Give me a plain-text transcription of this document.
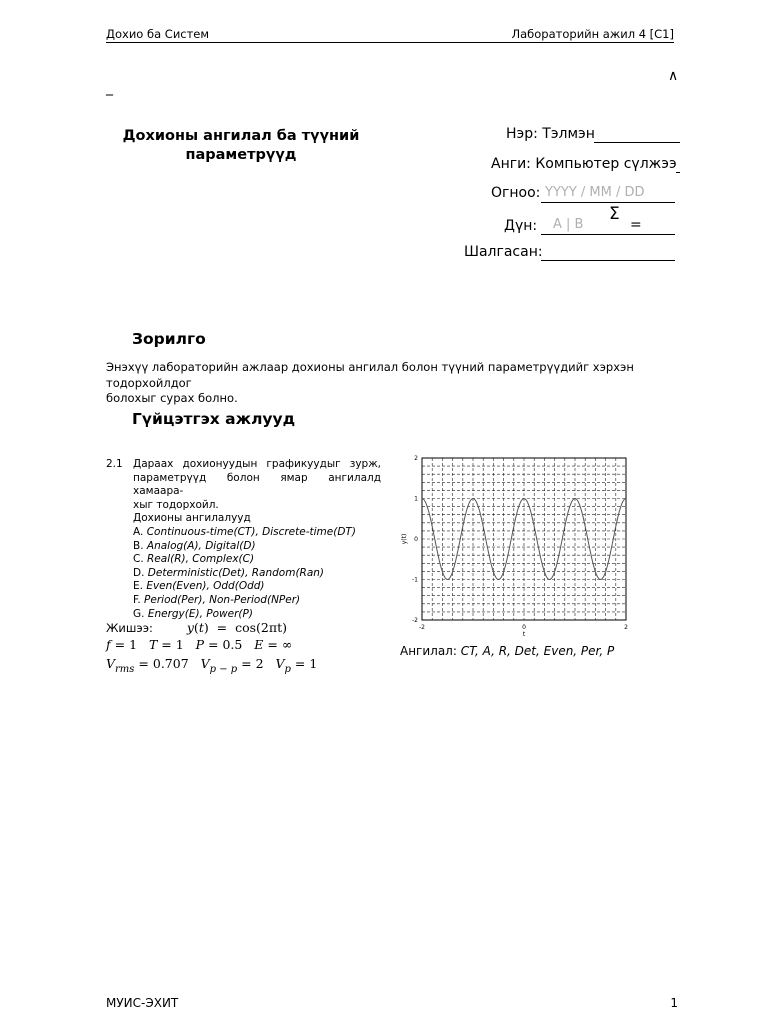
Дохио ба Систем	Лабораторийн ажил 4 [C1]
∧
_
Дохионы ангилал ба түүний
параметрүүд
Нэр: Тэлмэн
Анги: Компьютер сүлжээ
Огноо: YYYY / MM / DD
Дүн: A | B
Σ
=
Шалгасан:
Зорилго
Энэхүү лабораторийн ажлаар дохионы ангилал болон түүний параметрүүдийг хэрхэн тодорхойлдог
болохыг сурах болно.
Гүйцэтгэх ажлууд
2.1 Дараах дохионуудын графикуудыг зурж,
параметрүүд болон ямар ангилалд хамаара-
хыг тодорхойл.
Дохионы ангилалууд
A. Continuous-time(CT), Discrete-time(DT)
B. Analog(A), Digital(D)
C. Real(R), Complex(C)
D. Deterministic(Det), Random(Ran)
E. Even(Even), Odd(Odd)
F. Period(Per), Non-Period(NPer)
G. Energy(E), Power(P)
Жишээ:	y(t)  =  cos(2πt)
f = 1 T = 1 P = 0.5 E = ∞
$V_{rms} = 0.707$ $V_{p - p} = 2$ $V_p = 1$
2
1
0
-1
-2
-2	0	2
t
y(t)
Ангилал: CT, A, R, Det, Even, Per, P
МУИС-ЭХИТ	1
